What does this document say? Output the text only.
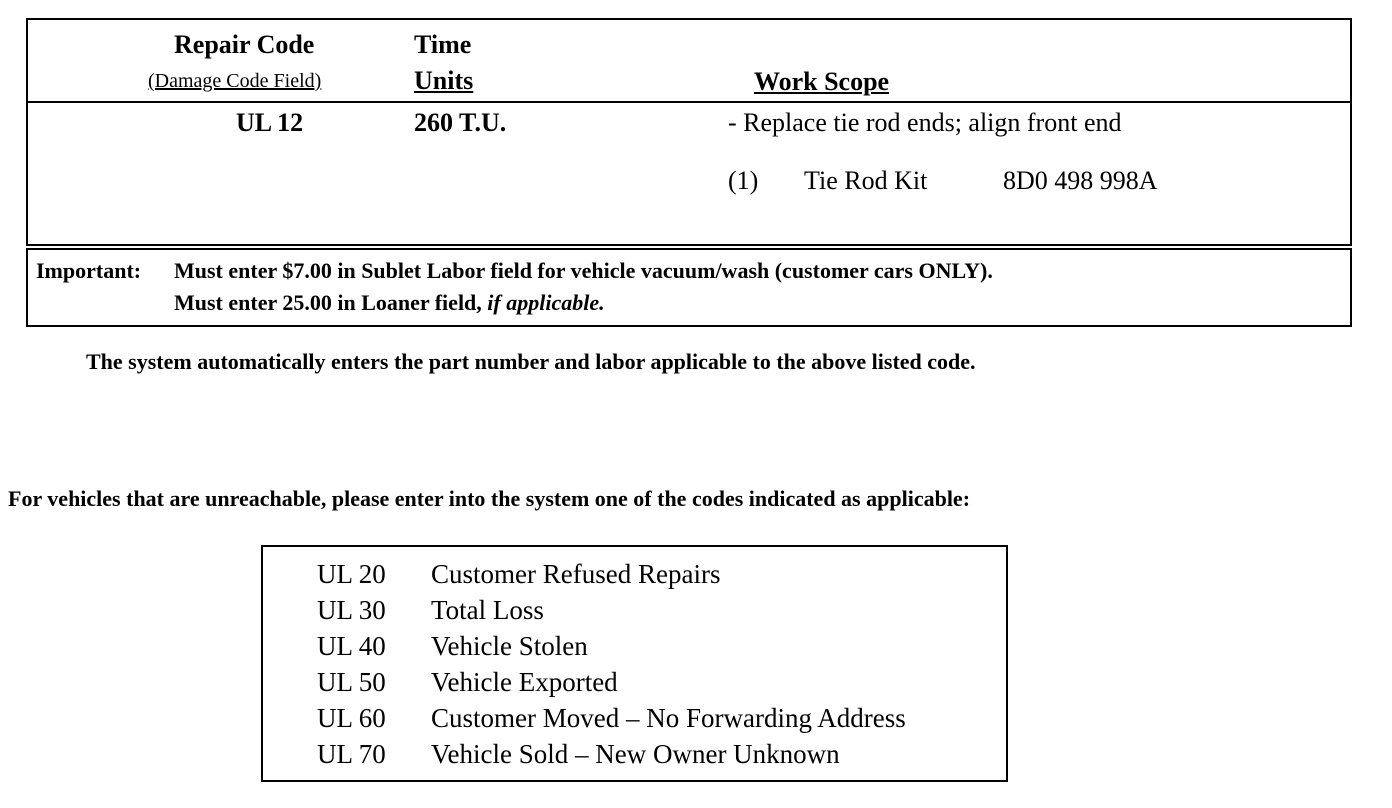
Repair Code
(Damage Code Field)
Time
Units	Work Scope
UL 12	260 T.U.	- Replace tie rod ends; align front end
(1) Tie Rod Kit	8D0 498 998A
Important: Must enter $7.00 in Sublet Labor field for vehicle vacuum/wash (customer cars ONLY).
Must enter 25.00 in Loaner field, if applicable.
The system automatically enters the part number and labor applicable to the above listed code.
For vehicles that are unreachable, please enter into the system one of the codes indicated as applicable:
UL 20 Customer Refused Repairs
UL 30 Total Loss
UL 40 Vehicle Stolen
UL 50 Vehicle Exported
UL 60 Customer Moved – No Forwarding Address
UL 70 Vehicle Sold – New Owner Unknown
